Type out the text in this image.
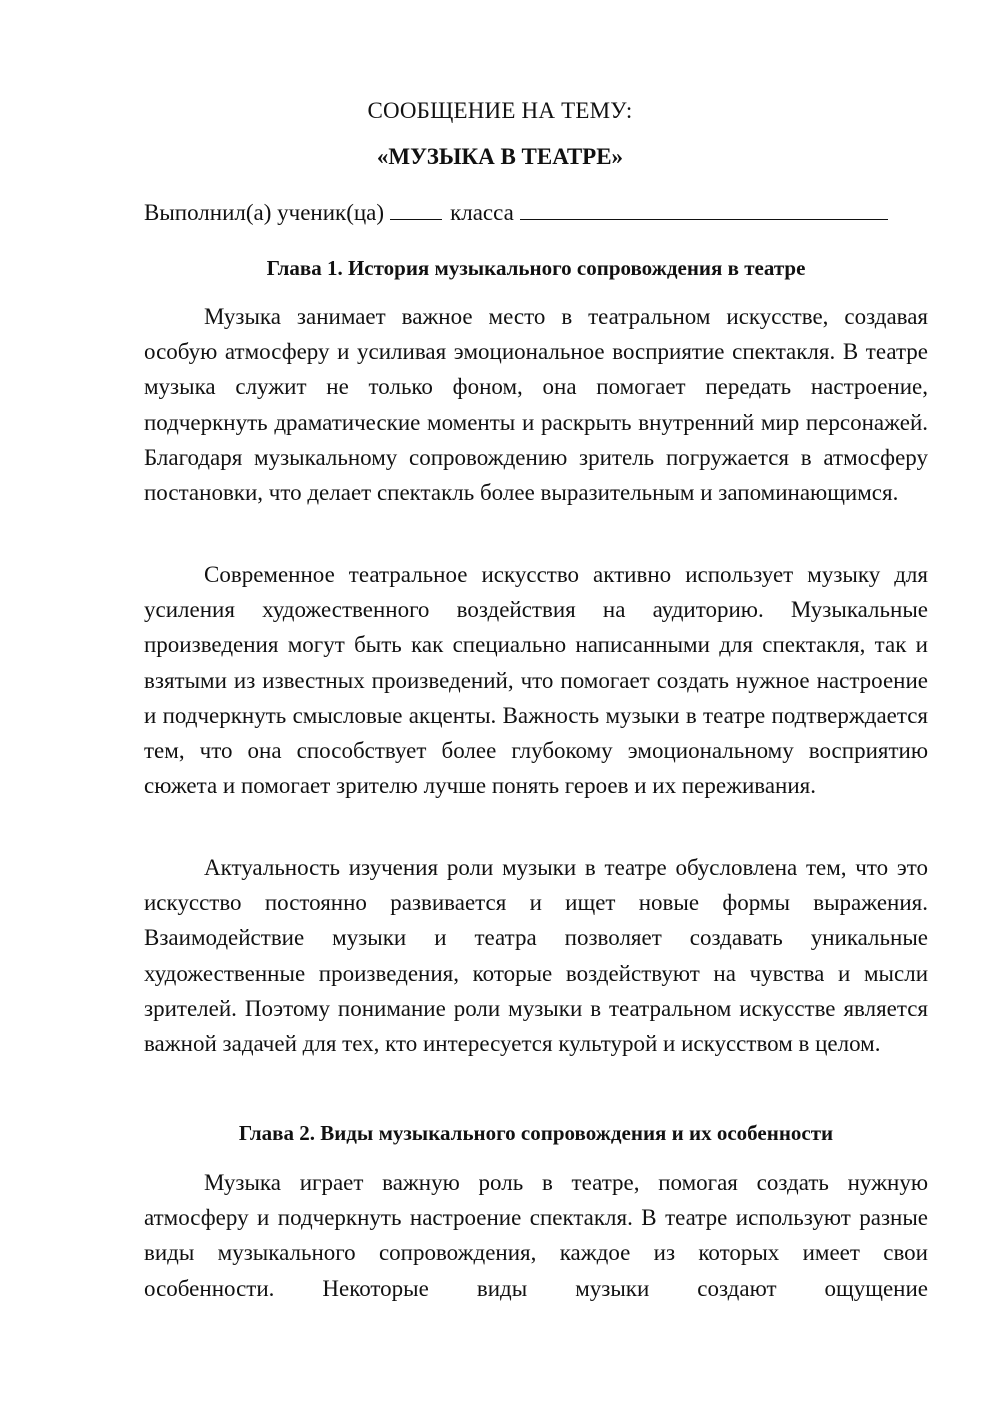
СООБЩЕНИЕ НА ТЕМУ:
«МУЗЫКА В ТЕАТРЕ»
Выполнил(а) ученик(ца)	класса
Глава 1. История музыкального сопровождения в театре

Музыка занимает важное место в театральном искусстве, создавая особую атмосферу и усиливая эмоциональное восприятие спектакля. В театре музыка служит не только фоном, она помогает передать настроение, подчеркнуть драматические моменты и раскрыть внутренний мир персонажей. Благодаря музыкальному сопровождению зритель погружается в атмосферу постановки, что делает спектакль более выразительным и запоминающимся.

Современное театральное искусство активно использует музыку для усиления художественного воздействия на аудиторию. Музыкальные произведения могут быть как специально написанными для спектакля, так и взятыми из известных произведений, что помогает создать нужное настроение и подчеркнуть смысловые акценты. Важность музыки в театре подтверждается тем, что она способствует более глубокому эмоциональному восприятию сюжета и помогает зрителю лучше понять героев и их переживания.

Актуальность изучения роли музыки в театре обусловлена тем, что это искусство постоянно развивается и ищет новые формы выражения. Взаимодействие музыки и театра позволяет создавать уникальные художественные произведения, которые воздействуют на чувства и мысли зрителей. Поэтому понимание роли музыки в театральном искусстве является важной задачей для тех, кто интересуется культурой и искусством в целом.

Глава 2. Виды музыкального сопровождения и их особенности

Музыка играет важную роль в театре, помогая создать нужную атмосферу и подчеркнуть настроение спектакля. В театре используют разные виды музыкального сопровождения, каждое из которых имеет свои особенности. Некоторые виды музыки создают ощущение
